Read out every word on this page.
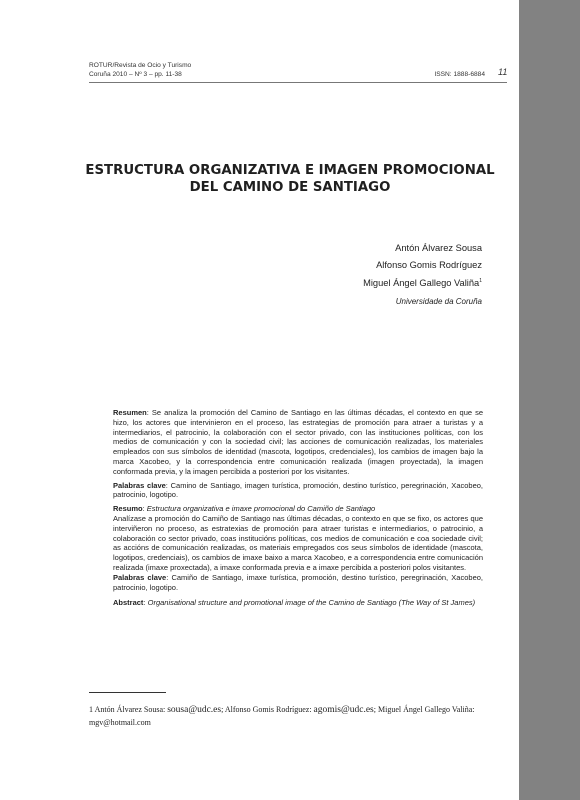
ROTUR/Revista de Ocio y Turismo
Coruña 2010 – Nº 3 – pp. 11-38	ISSN: 1888-6884 11
ESTRUCTURA ORGANIZATIVA E IMAGEN PROMOCIONAL
DEL CAMINO DE SANTIAGO
Antón Álvarez Sousa
Alfonso Gomis Rodríguez
Miguel Ángel Gallego Valiña$^1$
Universidade da Coruña

Resumen: Se analiza la promoción del Camino de Santiago en las últimas décadas, el contexto en que se hizo, los actores que intervinieron en el proceso, las estrategias de promoción para atraer a turistas y a intermediarios, el patrocinio, la colaboración con el sector privado, con las instituciones políticas, con los medios de comunicación y con la sociedad civil; las acciones de comunicación realizadas, los materiales empleados con sus símbolos de identidad (mascota, logotipos, credenciales), los cambios de imagen bajo la marca Xacobeo, y la correspondencia entre comunicación realizada (imagen proyectada), la imagen conformada previa, y la imagen percibida a posteriori por los visitantes.

Palabras clave: Camino de Santiago, imagen turística, promoción, destino turístico, peregrinación, Xacobeo, patrocinio, logotipo.

Resumo: Estructura organizativa e imaxe promocional do Camiño de Santiago

Analízase a promoción do Camiño de Santiago nas últimas décadas, o contexto en que se fixo, os actores que interviñeron no proceso, as estratexias de promoción para atraer turistas e intermediarios, o patrocinio, a colaboración co sector privado, coas institucións políticas, cos medios de comunicación e coa sociedade civil; as accións de comunicación realizadas, os materiais empregados cos seus símbolos de identidade (mascota, logotipos, credenciais), os cambios de imaxe baixo a marca Xacobeo, e a correspondencia entre comunicación realizada (imaxe proxectada), a imaxe conformada previa e a imaxe percibida a posteriori polos visitantes.

Palabras clave: Camiño de Santiago, imaxe turística, promoción, destino turístico, peregrinación, Xacobeo, patrocinio, logotipo.

Abstract: Organisational structure and promotional image of the Camino de Santiago (The Way of St James)

1 Antón Álvarez Sousa: sousa@udc.es; Alfonso Gomis Rodríguez: agomis@udc.es; Miguel Ángel Gallego Valiña: mgv@hotmail.com
